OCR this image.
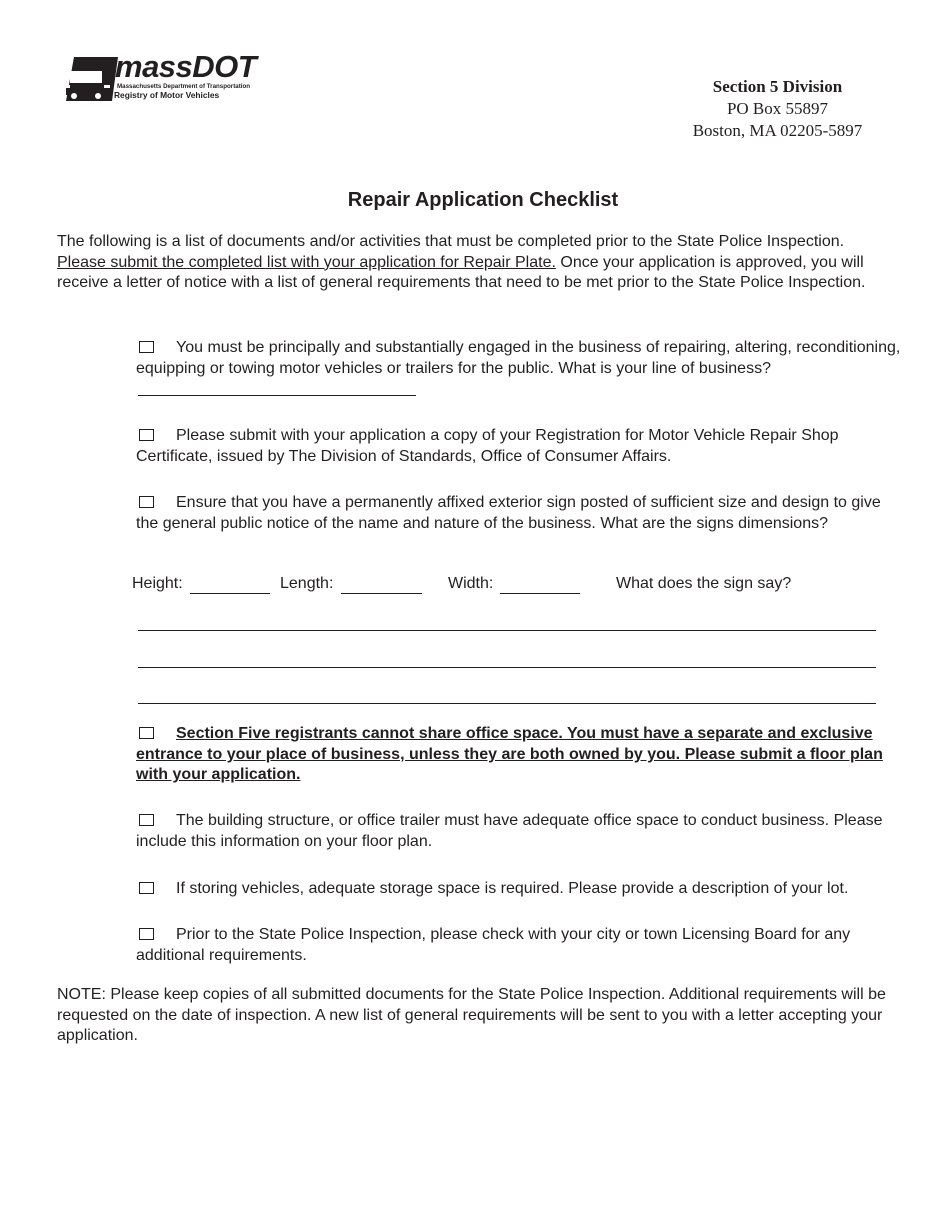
massDOT
Massachusetts Department of Transportation
Registry of Motor Vehicles	Section 5 Division
PO Box 55897
Boston, MA 02205-5897
Repair Application Checklist
The following is a list of documents and/or activities that must be completed prior to the State Police Inspection. Please submit the completed list with your application for Repair Plate. Once your application is approved, you will receive a letter of notice with a list of general requirements that need to be met prior to the State Police Inspection.
You must be principally and substantially engaged in the business of repairing, altering, reconditioning, equipping or towing motor vehicles or trailers for the public. What is your line of business?
Please submit with your application a copy of your Registration for Motor Vehicle Repair Shop Certificate, issued by The Division of Standards, Office of Consumer Affairs.
Ensure that you have a permanently affixed exterior sign posted of sufficient size and design to give the general public notice of the name and nature of the business. What are the signs dimensions?
Height:	Length:	Width:	What does the sign say?
Section Five registrants cannot share office space. You must have a separate and exclusive entrance to your place of business, unless they are both owned by you. Please submit a floor plan with your application.
The building structure, or office trailer must have adequate office space to conduct business. Please include this information on your floor plan.
If storing vehicles, adequate storage space is required. Please provide a description of your lot.
Prior to the State Police Inspection, please check with your city or town Licensing Board for any additional requirements.
NOTE: Please keep copies of all submitted documents for the State Police Inspection. Additional requirements will be requested on the date of inspection. A new list of general requirements will be sent to you with a letter accepting your application.
